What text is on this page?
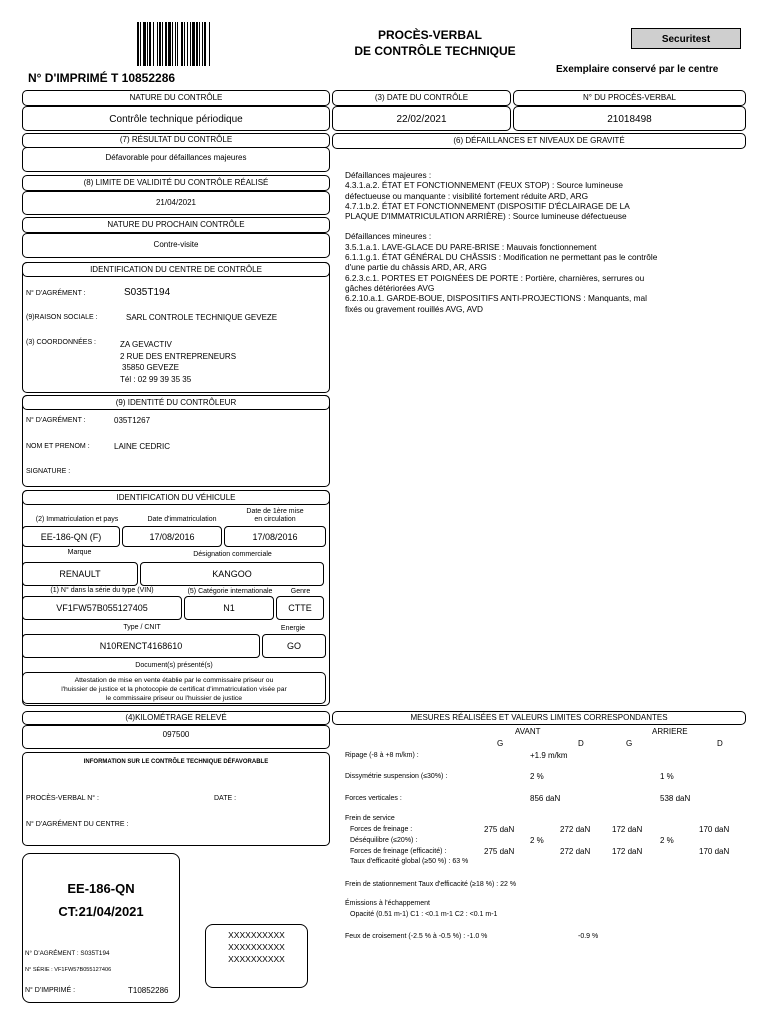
PROCÈS-VERBAL
DE CONTRÔLE TECHNIQUE
Securitest
Exemplaire conservé par le centre
N° D'IMPRIMÉ T 10852286
NATURE DU CONTRÔLE
Contrôle technique périodique
(3) DATE DU CONTRÔLE
22/02/2021
N° DU PROCÈS-VERBAL
21018498
(7) RÉSULTAT DU CONTRÔLE
Défavorable pour défaillances majeures
(6) DÉFAILLANCES ET NIVEAUX DE GRAVITÉ
Défaillances majeures :
4.3.1.a.2. ÉTAT ET FONCTIONNEMENT (FEUX STOP) : Source lumineuse
défectueuse ou manquante : visibilité fortement réduite ARD, ARG
4.7.1.b.2. ÉTAT ET FONCTIONNEMENT (DISPOSITIF D'ÉCLAIRAGE DE LA
PLAQUE D'IMMATRICULATION ARRIÈRE) : Source lumineuse défectueuse
Défaillances mineures :
3.5.1.a.1. LAVE-GLACE DU PARE-BRISE : Mauvais fonctionnement
6.1.1.g.1. ÉTAT GÉNÉRAL DU CHÂSSIS : Modification ne permettant pas le contrôle
d'une partie du châssis ARD, AR, ARG
6.2.3.c.1. PORTES ET POIGNÉES DE PORTE : Portière, charnières, serrures ou
gâches détériorées AVG
6.2.10.a.1. GARDE-BOUE, DISPOSITIFS ANTI-PROJECTIONS : Manquants, mal
fixés ou gravement rouillés AVG, AVD
(8) LIMITE DE VALIDITÉ DU CONTRÔLE RÉALISÉ
21/04/2021
NATURE DU PROCHAIN CONTRÔLE
Contre-visite
IDENTIFICATION DU CENTRE DE CONTRÔLE
N° D'AGRÉMENT :	S035T194
(9)RAISON SOCIALE :	SARL CONTROLE TECHNIQUE GEVEZE
(3) COORDONNÉES :	ZA GEVACTIV
2 RUE DES ENTREPRENEURS
35850 GEVEZE
Tél : 02 99 39 35 35
(9) IDENTITÉ DU CONTRÔLEUR
N° D'AGRÉMENT :	035T1267
NOM ET PRENOM :	LAINE CEDRIC
SIGNATURE :
IDENTIFICATION DU VÉHICULE
(2) Immatriculation et pays	Date d'immatriculation
Date de 1ère mise
en circulation
EE-186-QN (F)	17/08/2016	17/08/2016
Marque	Désignation commerciale
RENAULT	KANGOO
(1) N° dans la série du type (VIN)	(5) Catégorie internationale	Genre
VF1FW57B055127405	N1	CTTE
Type / CNIT	Energie
N10RENCT4168610	GO
Document(s) présenté(s)
Attestation de mise en vente établie par le commissaire priseur ou
l'huissier de justice et la photocopie de certificat d'immatriculation visée par
le commissaire priseur ou l'huissier de justice
(4)KILOMÉTRAGE RELEVÉ
097500
INFORMATION SUR LE CONTRÔLE TECHNIQUE DÉFAVORABLE
PROCÈS-VERBAL N° :	DATE :
N° D'AGRÉMENT DU CENTRE :
EE-186-QN
CT:21/04/2021
N° D'AGRÉMENT : S035T194
N° SÉRIE : VF1FW57B055127406
N° D'IMPRIMÉ :	T10852286
XXXXXXXXXX
XXXXXXXXXX
XXXXXXXXXX
MESURES RÉALISÉES ET VALEURS LIMITES CORRESPONDANTES
AVANT	ARRIERE
G	D	G	D
Ripage (-8 à +8 m/km) :	+1.9 m/km
Dissymétrie suspension (≤30%) :	2 %	1 %
Forces verticales :	856 daN	538 daN
Frein de service
Forces de freinage :	275 daN	272 daN	172 daN	170 daN
Déséquilibre (≤20%) :	2 %	2 %
Forces de freinage (efficacité) :	275 daN	272 daN	172 daN	170 daN
Taux d'efficacité global (≥50 %) : 63 %
Frein de stationnement Taux d'efficacité (≥18 %) : 22 %
Émissions à l'échappement
Opacité (0.51 m-1) C1 : <0.1 m-1 C2 : <0.1 m-1
Feux de croisement (-2.5 % à -0.5 %) : -1.0 %	-0.9 %
